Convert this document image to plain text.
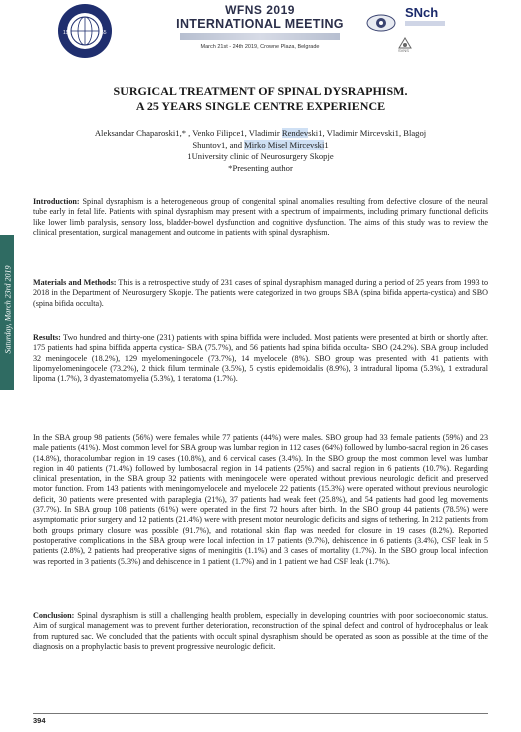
19	55
WFNS 2019
INTERNATIONAL MEETING
March 21st - 24th 2019, Crowne Plaza, Belgrade
SNch
SVNS
Saturday, March 23rd 2019
SURGICAL TREATMENT OF SPINAL DYSRAPHISM.
A 25 YEARS SINGLE CENTRE EXPERIENCE
Aleksandar Chaparoski1,* , Venko Filipce1, Vladimir Rendevski1, Vladimir Mircevski1, Blagoj
Shuntov1, and Mirko Misel Mircevski1
1University clinic of Neurosurgery Skopje
*Presenting author
Introduction: Spinal dysraphism is a heterogeneous group of congenital spinal anomalies resulting from defective closure of the neural tube early in fetal life. Patients with spinal dysraphism may present with a spectrum of impairments, including primary functional deficits like lower limb paralysis, sensory loss, bladder-bowel dysfunction and cognitive dysfunction. The aims of this study was to review the clinical presentation, surgical management and outcome in patients with spinal dysraphism.
Materials and Methods: This is a retrospective study of 231 cases of spinal dysraphism managed during a period of 25 years from 1993 to 2018 in the Department of Neurosurgery Skopje. The patients were categorized in two groups SBA (spina bifida apperta-cystica) and SBO (spina bifida occulta).
Results: Two hundred and thirty-one (231) patients with spina biffida were included. Most patients were presented at birth or shortly after. 175 patients had spina biffida apperta cystica- SBA (75.7%), and 56 patients had spina bifida occulta- SBO (24.2%). SBA group included 32 meningocele (18.2%), 129 myelomeningocele (73.7%), 14 myelocele (8%). SBO group was presented with 41 patients with lipomyelomeningocele (73.2%), 2 thick filum terminale (3.5%), 5 cystis epidemoidalis (8.9%), 3 intradural lipoma (5.3%), 1 extradural lipoma (1.7%), 3 dyastematomyelia (5.3%), 1 teratoma (1.7%).
In the SBA group 98 patients (56%) were females while 77 patients (44%) were males. SBO group had 33 female patients (59%) and 23 male patients (41%). Most common level for SBA group was lumbar region in 112 cases (64%) followed by lumbo-sacral region in 26 cases (14.8%), thoracolumbar region in 19 cases (10.8%), and 6 cervical cases (3.4%). In the SBO group the most common level was lumbar region in 40 patients (71.4%) followed by lumbosacral region in 14 patients (25%) and sacral region in 6 patients (10.7%). Regarding clinical presentation, in the SBA group 32 patients with meningocele were operated without previous neurologic deficit and preserved motor function. From 143 patients with meningomyelocele and myelocele 22 patients (15.3%) were operated without previous neurologic deficit, 30 patients were presented with paraplegia (21%), 37 patients had weak feet (25.8%), and 54 patients had good leg movements (37.7%). In SBA group 108 patients (61%) were operated in the first 72 hours after birth. In the SBO group 44 patients (78.5%) were asymptomatic prior surgery and 12 patients (21.4%) were with present motor neurologic deficits and signs of tethering. In 212 patients from both groups primary closure was possible (91.7%), and rotational skin flap was needed for closure in 19 cases (8.2%). Reported postoperative complications in the SBA group were local infection in 17 patients (9.7%), dehiscence in 6 patients (3.4%), CSF leak in 5 patients (2.8%), 2 patients had preoperative signs of meningitis (1.1%) and 3 cases of mortality (1.7%). In the SBO group local infection was reported in 3 patients (5.3%) and dehiscence in 1 patient (1.7%) and in 1 patient we had CSF leak (1.7%).
Conclusion: Spinal dysraphism is still a challenging health problem, especially in developing countries with poor socioeconomic status. Aim of surgical management was to prevent further deterioration, reconstruction of the spinal defect and control of hydrocephalus or leak from ruptured sac. We concluded that the patients with occult spinal dysraphism should be operated as soon as possible at the time of the diagnosis on a prophylactic basis to prevent progressive neurologic deficit.
394
